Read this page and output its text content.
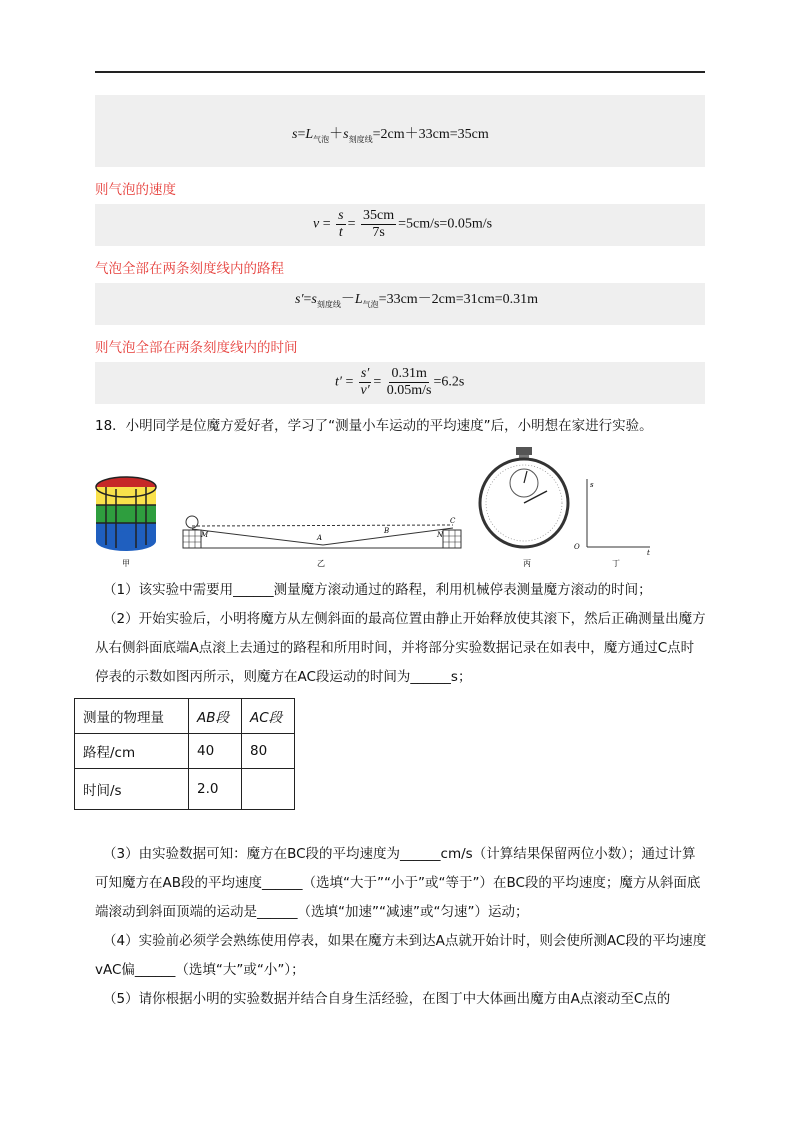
$s=L_{气泡}+s_{刻度线}=2cm+33cm=35cm$
则气泡的速度
$v = \frac{s}{t} = \frac{35cm}{7s} =5cm/s=0.05m/s$
气泡全部在两条刻度线内的路程
$s'=s_{刻度线}-L_{气泡}=33cm-2cm=31cm=0.31m$
则气泡全部在两条刻度线内的时间
$t' = \frac{s'}{v'} = \frac{0.31m}{0.05m/s} =6.2s$
18．小明同学是位魔方爱好者，学习了“测量小车运动的平均速度”后，小明想在家进行实验。
甲
M	A
B	N
C
乙	丙
s
t
O
丁

（1）该实验中需要用______测量魔方滚动通过的路程，利用机械停表测量魔方滚动的时间；

（2）开始实验后，小明将魔方从左侧斜面的最高位置由静止开始释放使其滚下，然后正确测量出魔方从右侧斜面底端A点滚上去通过的路程和所用时间，并将部分实验数据记录在如表中，魔方通过C点时停表的示数如图丙所示，则魔方在AC段运动的时间为______s；

测量的物理量	AB段	AC段
路程/cm	40	80
时间/s	2.0	

（3）由实验数据可知：魔方在BC段的平均速度为______cm/s（计算结果保留两位小数）；通过计算可知魔方在AB段的平均速度______（选填“大于”“小于”或“等于”）在BC段的平均速度；魔方从斜面底端滚动到斜面顶端的运动是______（选填“加速”“减速”或“匀速”）运动；

（4）实验前必须学会熟练使用停表，如果在魔方未到达A点就开始计时，则会使所测AC段的平均速度vAC偏______（选填“大”或“小”）；

（5）请你根据小明的实验数据并结合自身生活经验，在图丁中大体画出魔方由A点滚动至C点的
